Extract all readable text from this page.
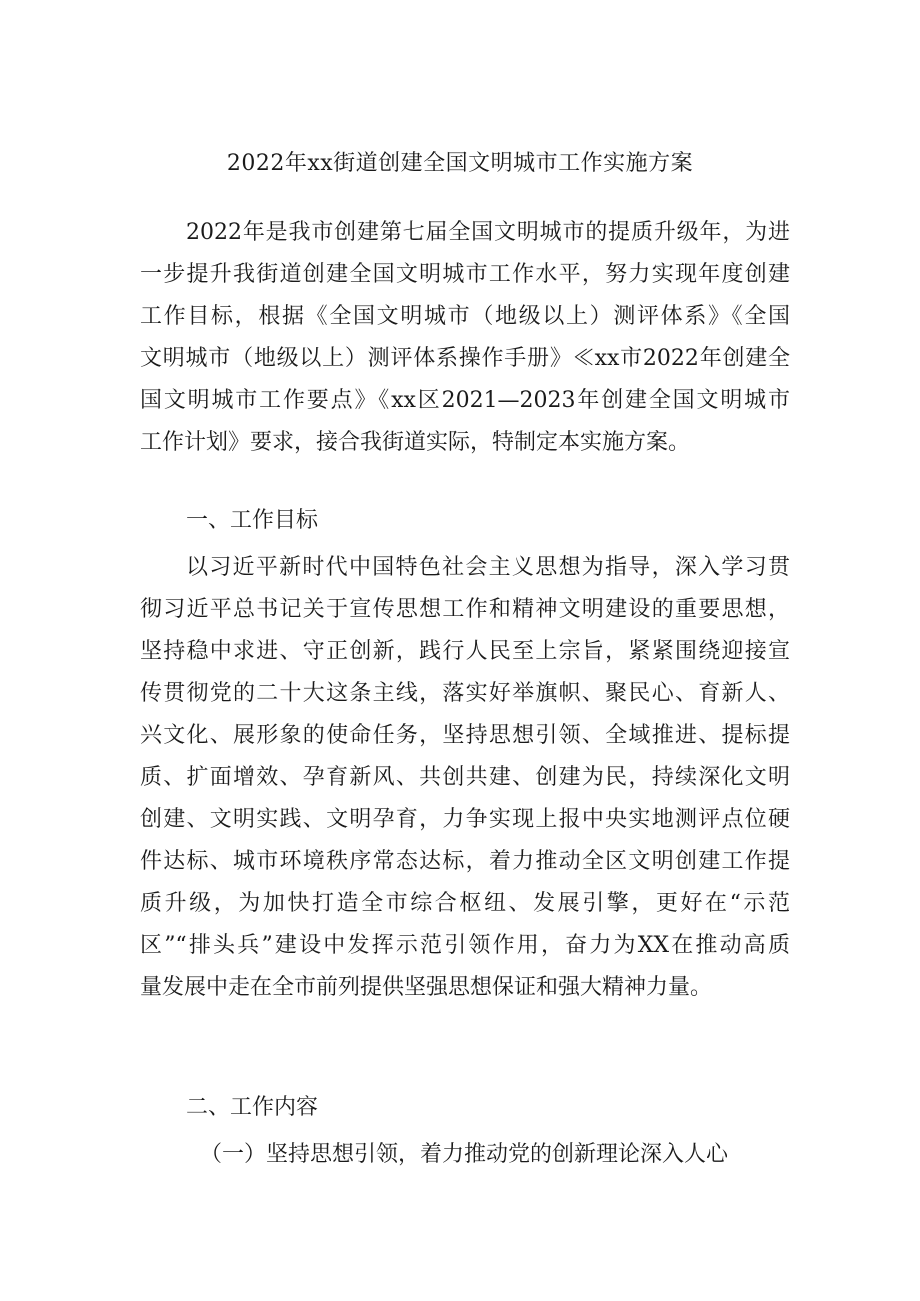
2022年xx街道创建全国文明城市工作实施方案
2022年是我市创建第七届全国文明城市的提质升级年，为进
一步提升我街道创建全国文明城市工作水平，努力实现年度创建
工作目标，根据《全国文明城市（地级以上）测评体系》《全国
文明城市（地级以上）测评体系操作手册》≪xx市2022年创建全
国文明城市工作要点》《xx区2021—2023年创建全国文明城市
工作计划》要求，接合我街道实际，特制定本实施方案。
一、工作目标
以习近平新时代中国特色社会主义思想为指导，深入学习贯
彻习近平总书记关于宣传思想工作和精神文明建设的重要思想，
坚持稳中求进、守正创新，践行人民至上宗旨，紧紧围绕迎接宣
传贯彻党的二十大这条主线，落实好举旗帜、聚民心、育新人、
兴文化、展形象的使命任务，坚持思想引领、全域推进、提标提
质、扩面增效、孕育新风、共创共建、创建为民，持续深化文明
创建、文明实践、文明孕育，力争实现上报中央实地测评点位硬
件达标、城市环境秩序常态达标，着力推动全区文明创建工作提
质升级，为加快打造全市综合枢纽、发展引擎，更好在“示范
区”“排头兵”建设中发挥示范引领作用，奋力为XX在推动高质
量发展中走在全市前列提供坚强思想保证和强大精神力量。
二、工作内容
（一）坚持思想引领，着力推动党的创新理论深入人心
